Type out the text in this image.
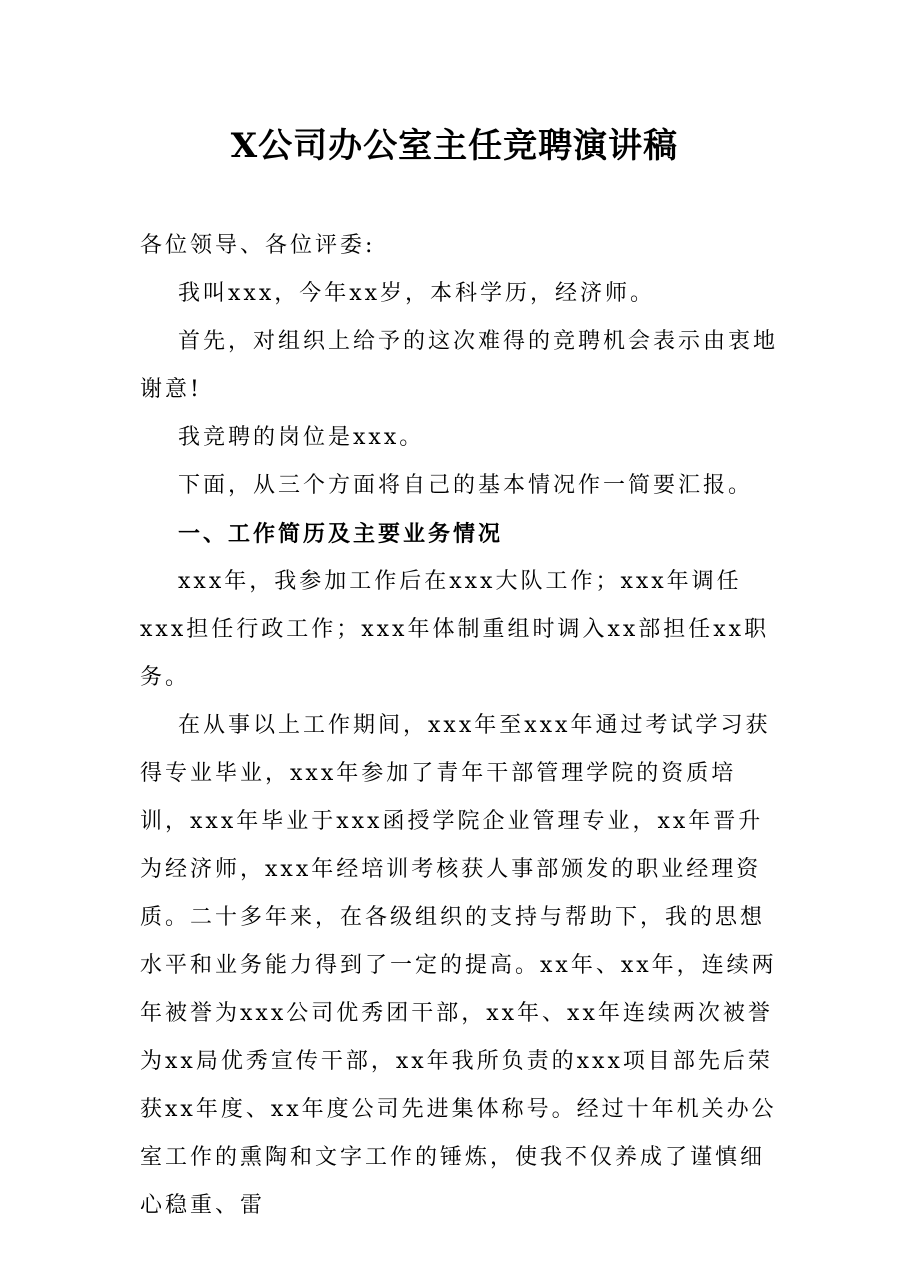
X公司办公室主任竞聘演讲稿

各位领导、各位评委:

我叫xxx，今年xx岁，本科学历，经济师。

首先，对组织上给予的这次难得的竞聘机会表示由衷地谢意!

我竞聘的岗位是xxx。

下面，从三个方面将自己的基本情况作一简要汇报。

一、工作简历及主要业务情况

xxx年，我参加工作后在xxx大队工作；xxx年调任xxx担任行政工作；xxx年体制重组时调入xx部担任xx职务。

在从事以上工作期间，xxx年至xxx年通过考试学习获得专业毕业，xxx年参加了青年干部管理学院的资质培训，xxx年毕业于xxx函授学院企业管理专业，xx年晋升为经济师，xxx年经培训考核获人事部颁发的职业经理资质。二十多年来，在各级组织的支持与帮助下，我的思想水平和业务能力得到了一定的提高。xx年、xx年，连续两年被誉为xxx公司优秀团干部，xx年、xx年连续两次被誉为xx局优秀宣传干部，xx年我所负责的xxx项目部先后荣获xx年度、xx年度公司先进集体称号。经过十年机关办公室工作的熏陶和文字工作的锤炼，使我不仅养成了谨慎细心稳重、雷
